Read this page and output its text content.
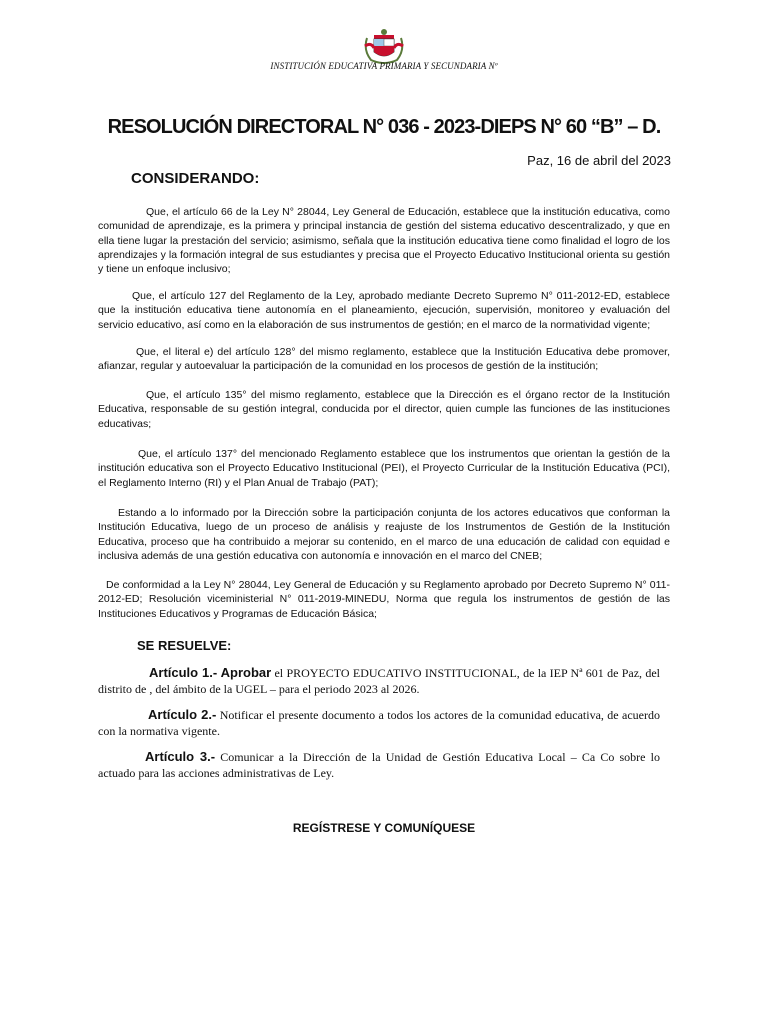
INSTITUCIÓN EDUCATIVA PRIMARIA Y SECUNDARIA Nº
RESOLUCIÓN DIRECTORAL N° 036 - 2023-DIEPS N° 60 “B” – D.
Paz, 16 de abril del 2023
CONSIDERANDO:

Que, el artículo 66 de la Ley N° 28044, Ley General de Educación, establece que la institución educativa, como comunidad de aprendizaje, es la primera y principal instancia de gestión del sistema educativo descentralizado, y que en ella tiene lugar la prestación del servicio; asimismo, señala que la institución educativa tiene como finalidad el logro de los aprendizajes y la formación integral de sus estudiantes y precisa que el Proyecto Educativo Institucional orienta su gestión y tiene un enfoque inclusivo;

Que, el artículo 127 del Reglamento de la Ley, aprobado mediante Decreto Supremo N° 011-2012-ED, establece que la institución educativa tiene autonomía en el planeamiento, ejecución, supervisión, monitoreo y evaluación del servicio educativo, así como en la elaboración de sus instrumentos de gestión; en el marco de la normatividad vigente;

Que, el literal e) del artículo 128° del mismo reglamento, establece que la Institución Educativa debe promover, afianzar, regular y autoevaluar la participación de la comunidad en los procesos de gestión de la institución;

Que, el artículo 135° del mismo reglamento, establece que la Dirección es el órgano rector de la Institución Educativa, responsable de su gestión integral, conducida por el director, quien cumple las funciones de las instituciones educativas;

Que, el artículo 137° del mencionado Reglamento establece que los instrumentos que orientan la gestión de la institución educativa son el Proyecto Educativo Institucional (PEI), el Proyecto Curricular de la Institución Educativa (PCI), el Reglamento Interno (RI) y el Plan Anual de Trabajo (PAT);

Estando a lo informado por la Dirección sobre la participación conjunta de los actores educativos que conforman la Institución Educativa, luego de un proceso de análisis y reajuste de los Instrumentos de Gestión de la Institución Educativa, proceso que ha contribuido a mejorar su contenido, en el marco de una educación de calidad con equidad e inclusiva además de una gestión educativa con autonomía e innovación en el marco del CNEB;

De conformidad a la Ley N° 28044, Ley General de Educación y su Reglamento aprobado por Decreto Supremo N° 011-2012-ED; Resolución viceministerial N° 011-2019-MINEDU, Norma que regula los instrumentos de gestión de las Instituciones Educativos y Programas de Educación Básica;

SE RESUELVE:

Artículo 1.- Aprobar el PROYECTO EDUCATIVO INSTITUCIONAL, de la IEP Nª 601 de Paz, del distrito de , del ámbito de la UGEL – para el periodo 2023 al 2026.

Artículo 2.- Notificar el presente documento a todos los actores de la comunidad educativa, de acuerdo con la normativa vigente.

Artículo 3.- Comunicar a la Dirección de la Unidad de Gestión Educativa Local – Ca Co sobre lo actuado para las acciones administrativas de Ley.

REGÍSTRESE Y COMUNÍQUESE
